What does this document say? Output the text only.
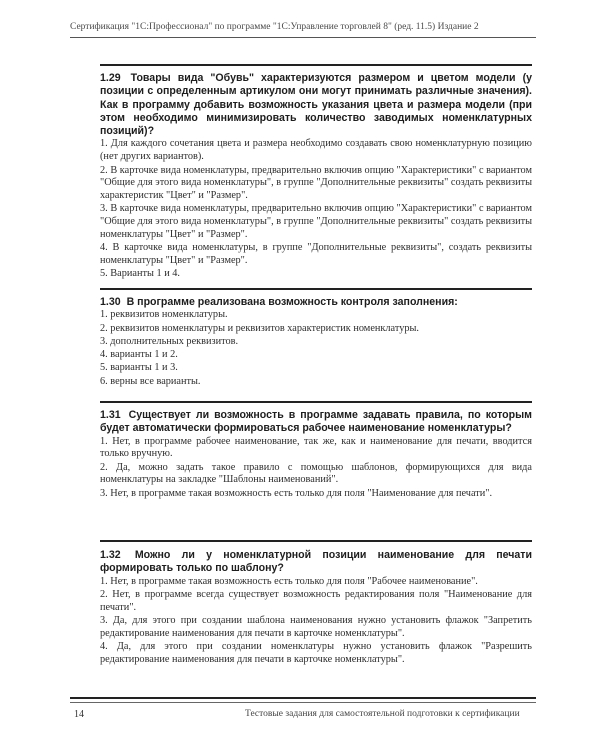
Сертификация "1С:Профессионал" по программе "1С:Управление торговлей 8" (ред. 11.5) Издание 2
1.29 Товары вида "Обувь" характеризуются размером и цветом модели (у позиции с определенным артикулом они могут принимать различные значения). Как в программу добавить возможность указания цвета и размера модели (при этом необходимо минимизировать количество заводимых номенклатурных позиций)?
1. Для каждого сочетания цвета и размера необходимо создавать свою номенклатурную позицию (нет других вариантов).
2. В карточке вида номенклатуры, предварительно включив опцию "Характеристики" с вариантом "Общие для этого вида номенклатуры", в группе "Дополнительные реквизиты" создать реквизиты характеристик "Цвет" и "Размер".
3. В карточке вида номенклатуры, предварительно включив опцию "Характеристики" с вариантом "Общие для этого вида номенклатуры", в группе "Дополнительные реквизиты" создать реквизиты номенклатуры "Цвет" и "Размер".
4. В карточке вида номенклатуры, в группе "Дополнительные реквизиты", создать реквизиты номенклатуры "Цвет" и "Размер".
5. Варианты 1 и 4.
1.30 В программе реализована возможность контроля заполнения:
1. реквизитов номенклатуры.
2. реквизитов номенклатуры и реквизитов характеристик номенклатуры.
3. дополнительных реквизитов.
4. варианты 1 и 2.
5. варианты 1 и 3.
6. верны все варианты.
1.31 Существует ли возможность в программе задавать правила, по которым будет автоматически формироваться рабочее наименование номенклатуры?
1. Нет, в программе рабочее наименование, так же, как и наименование для печати, вводится только вручную.
2. Да, можно задать такое правило с помощью шаблонов, формирующихся для вида номенклатуры на закладке "Шаблоны наименований".
3. Нет, в программе такая возможность есть только для поля "Наименование для печати".
1.32 Можно ли у номенклатурной позиции наименование для печати формировать только по шаблону?
1. Нет, в программе такая возможность есть только для поля "Рабочее наименование".
2. Нет, в программе всегда существует возможность редактирования поля "Наименование для печати".
3. Да, для этого при создании шаблона наименования нужно установить флажок "Запретить редактирование наименования для печати в карточке номенклатуры".
4. Да, для этого при создании номенклатуры нужно установить флажок "Разрешить редактирование наименования для печати в карточке номенклатуры".
14	Тестовые задания для самостоятельной подготовки к сертификации
